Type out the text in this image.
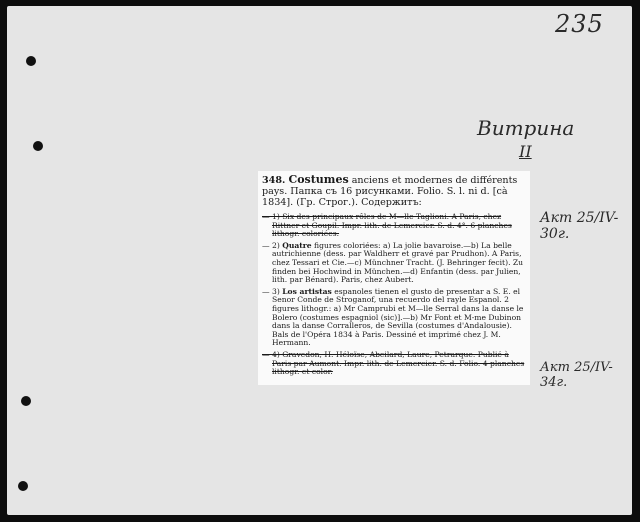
235
Витрина
II
Акт 25/IV-30г.
Акт 25/IV-34г.
348. Costumes anciens et modernes de différents pays. Папка съ 16 рисунками. Folio. S. l. ni d. [cà 1834]. (Гр. Строг.). Содержитъ:
— 1) Six des principaux rôles de M—lle Taglioni. A Paris, chez Rittner et Goupil. Impr. lith. de Lemercier. S. d. 4°. 6 planches lithogr. coloriées.
— 2) Quatre figures coloriées: a) La jolie bavaroise.—b) La belle autrichienne (dess. par Waldherr et gravé par Prudhon). A Paris, chez Tessari et Cie.—c) Münchner Tracht. (J. Behringer fecit). Zu finden bei Hochwind in München.—d) Enfantin (dess. par Julien, lith. par Bénard). Paris, chez Aubert.
— 3) Los artistas espanoles tienen el gusto de presentar a S. E. el Senor Conde de Stroganof, una recuerdo del rayle Espanol. 2 figures lithogr.: a) Mr Camprubi et M—lle Serral dans la danse le Bolero (costumes espagniol (sic)].—b) Mr Font et M-me Dubinon dans la danse Corralleros, de Sevilla (costumes d'Andalousie). Bals de l'Opéra 1834 à Paris. Dessiné et imprimé chez J. M. Hermann.
— 4) Gravedon, H. Héloïse, Abeilard, Laure, Petrarque. Publié à Paris par Aumont. Impr. lith. de Lemercier. S. d. Folio. 4 planches lithogr. et color.
